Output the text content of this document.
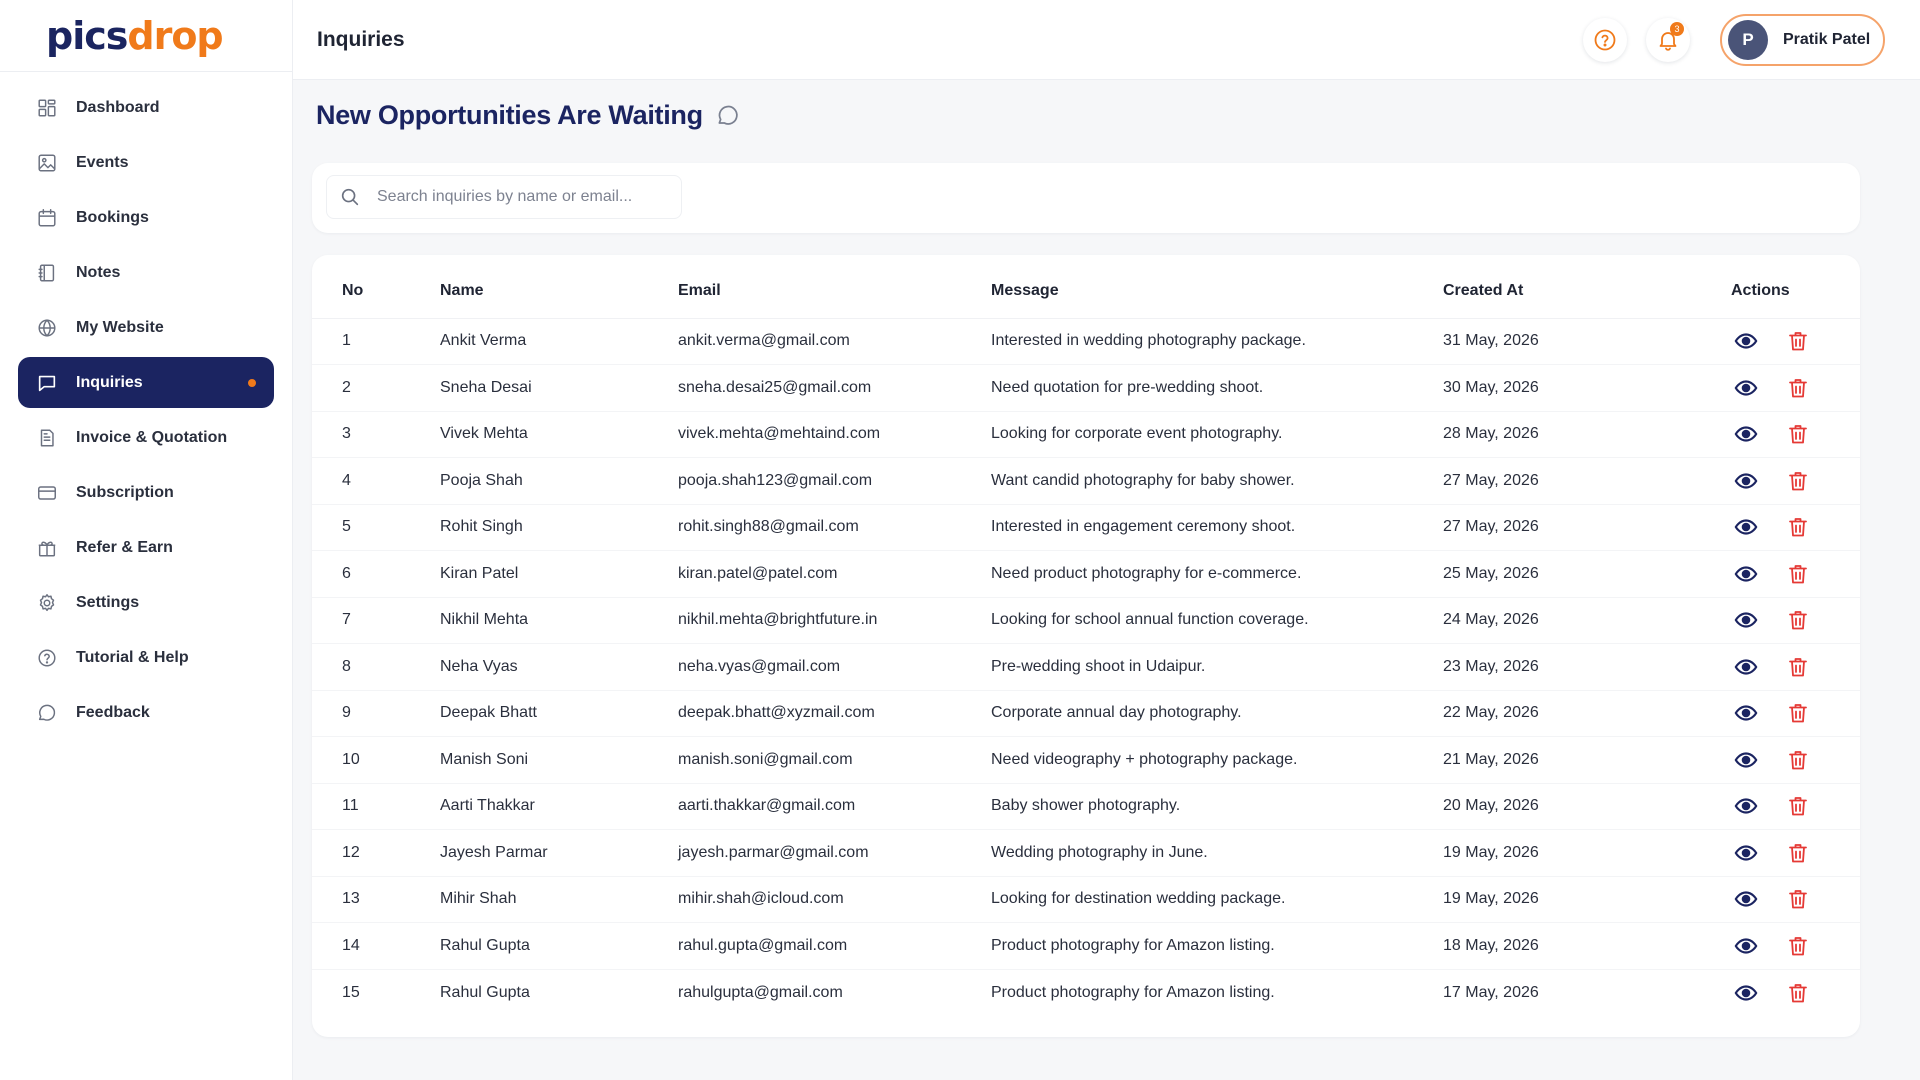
picsdrop
Dashboard
Events
Bookings
Notes
My Website
Inquiries
Invoice & Quotation
Subscription
Refer & Earn
Settings
Tutorial & Help
Feedback
Inquiries	3
P	Pratik Patel
New Opportunities Are Waiting
Search inquiries by name or email...
No	Name	Email	Message	Created At	Actions
1	Ankit Verma	ankit.verma@gmail.com	Interested in wedding photography package.	31 May, 2026	

2	Sneha Desai	sneha.desai25@gmail.com	Need quotation for pre-wedding shoot.	30 May, 2026	

3	Vivek Mehta	vivek.mehta@mehtaind.com	Looking for corporate event photography.	28 May, 2026	

4	Pooja Shah	pooja.shah123@gmail.com	Want candid photography for baby shower.	27 May, 2026	

5	Rohit Singh	rohit.singh88@gmail.com	Interested in engagement ceremony shoot.	27 May, 2026	

6	Kiran Patel	kiran.patel@patel.com	Need product photography for e-commerce.	25 May, 2026	

7	Nikhil Mehta	nikhil.mehta@brightfuture.in	Looking for school annual function coverage.	24 May, 2026	

8	Neha Vyas	neha.vyas@gmail.com	Pre-wedding shoot in Udaipur.	23 May, 2026	

9	Deepak Bhatt	deepak.bhatt@xyzmail.com	Corporate annual day photography.	22 May, 2026	

10	Manish Soni	manish.soni@gmail.com	Need videography + photography package.	21 May, 2026	

11	Aarti Thakkar	aarti.thakkar@gmail.com	Baby shower photography.	20 May, 2026	

12	Jayesh Parmar	jayesh.parmar@gmail.com	Wedding photography in June.	19 May, 2026	

13	Mihir Shah	mihir.shah@icloud.com	Looking for destination wedding package.	19 May, 2026	

14	Rahul Gupta	rahul.gupta@gmail.com	Product photography for Amazon listing.	18 May, 2026	

15	Rahul Gupta	rahulgupta@gmail.com	Product photography for Amazon listing.	17 May, 2026	
